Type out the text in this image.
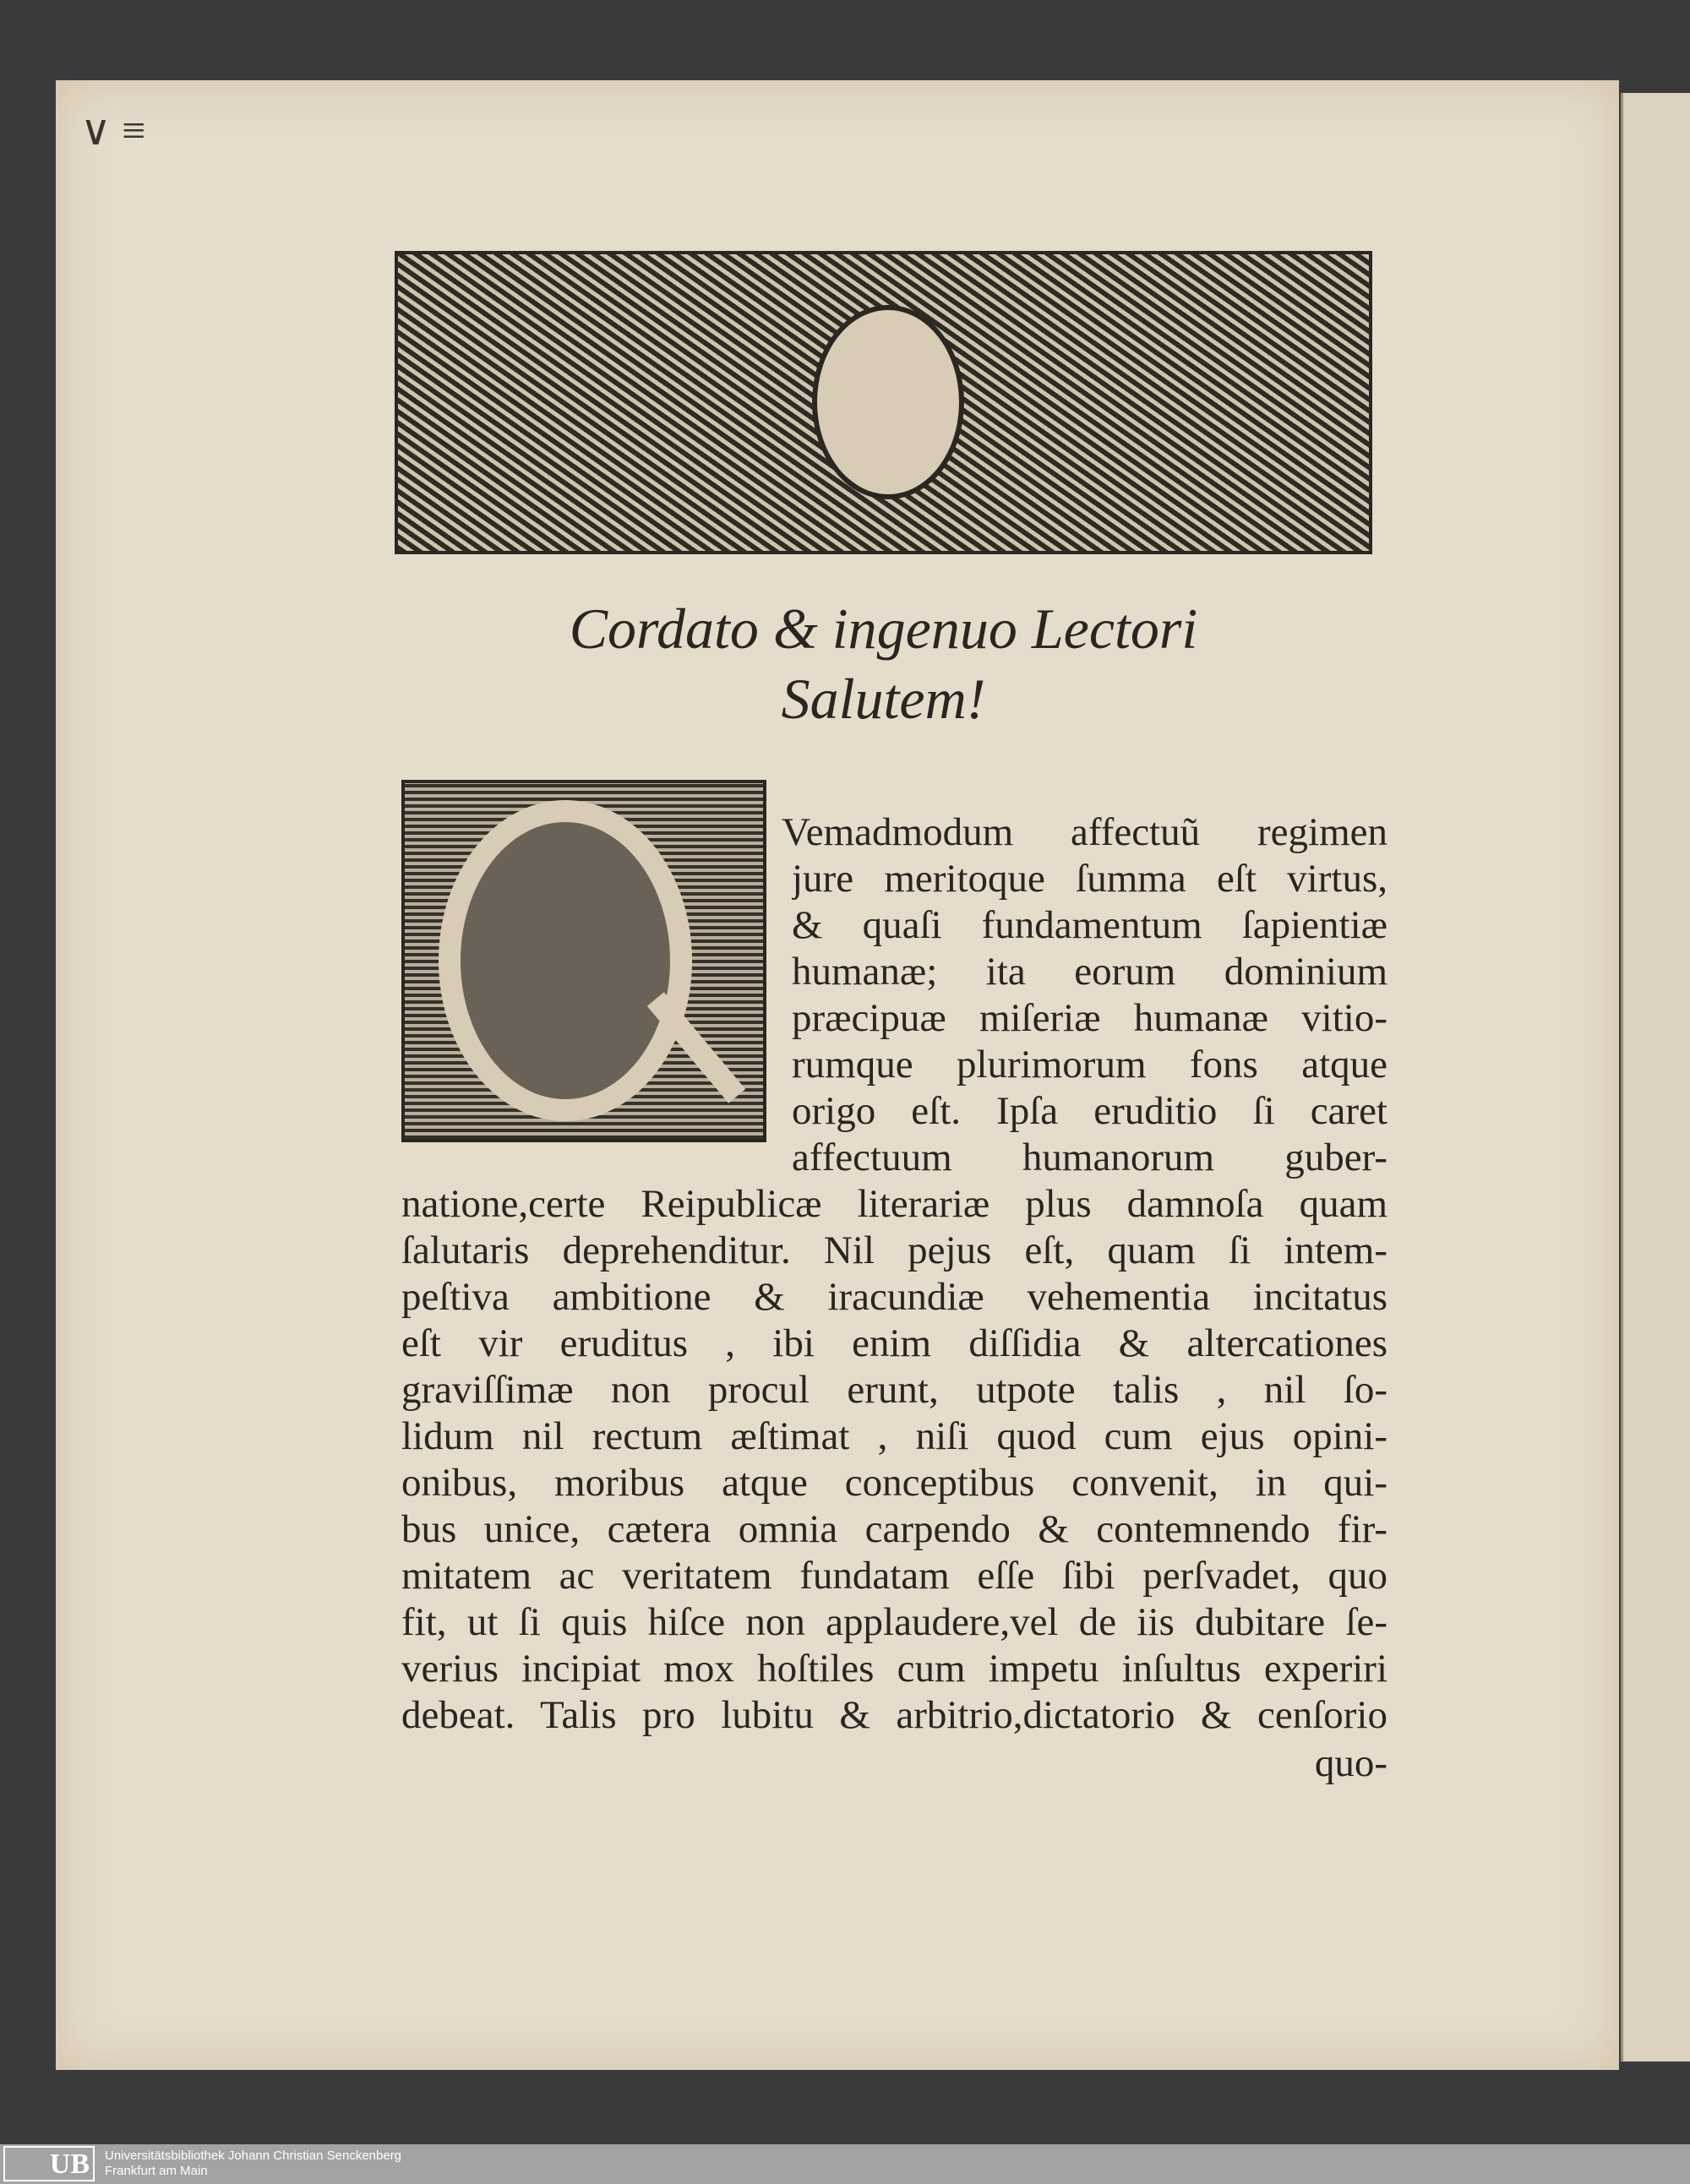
∨ ≡
Cordato & ingenuo Lectori
Salutem!
Vemadmodum affectuũ regimen
jure meritoque ſumma eſt virtus,
& quaſi fundamentum ſapientiæ
humanæ; ita eorum dominium
præcipuæ miſeriæ humanæ vitio-
rumque plurimorum fons atque
origo eſt. Ipſa eruditio ſi caret
affectuum humanorum guber-
natione,certe Reipublicæ literariæ plus damnoſa quam
ſalutaris deprehenditur. Nil pejus eſt, quam ſi intem-
peſtiva ambitione & iracundiæ vehementia incitatus
eſt vir eruditus , ibi enim diſſidia & altercationes
graviſſimæ non procul erunt, utpote talis , nil ſo-
lidum nil rectum æſtimat , niſi quod cum ejus opini-
onibus, moribus atque conceptibus convenit, in qui-
bus unice, cætera omnia carpendo & contemnendo fir-
mitatem ac veritatem fundatam eſſe ſibi perſvadet, quo
fit, ut ſi quis hiſce non applaudere,vel de iis dubitare ſe-
verius incipiat mox hoſtiles cum impetu inſultus experiri
debeat. Talis pro lubitu & arbitrio,dictatorio & cenſorio
quo-
UB	Universitätsbibliothek Johann Christian Senckenberg
Frankfurt am Main
